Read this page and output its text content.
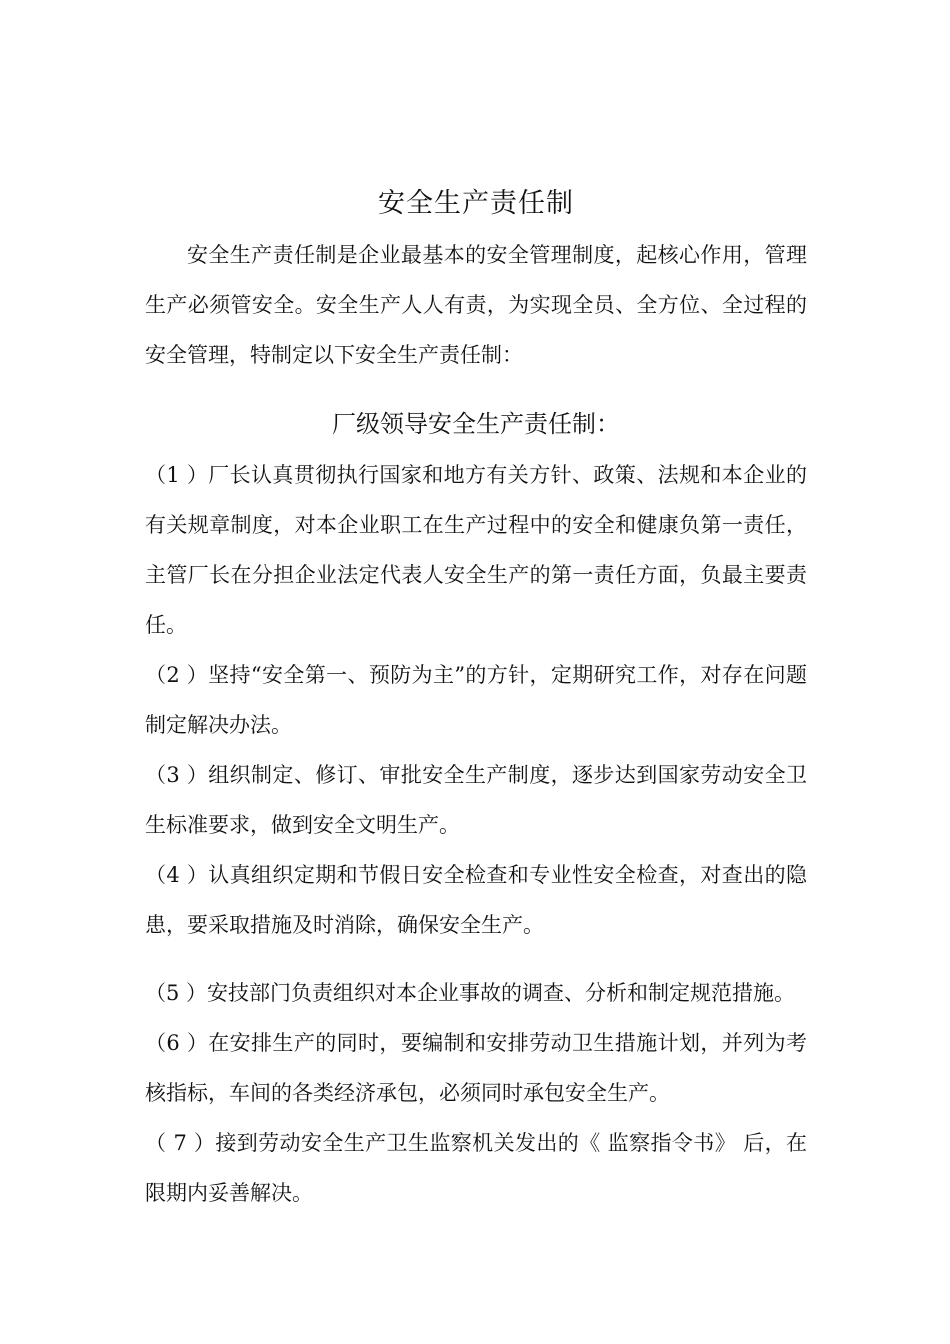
安全生产责任制

安全生产责任制是企业最基本的安全管理制度，起核心作用，管理生产必须管安全。安全生产人人有责，为实现全员、全方位、全过程的安全管理，特制定以下安全生产责任制：

厂级领导安全生产责任制：

（1 ）厂长认真贯彻执行国家和地方有关方针、政策、法规和本企业的有关规章制度，对本企业职工在生产过程中的安全和健康负第一责任，主管厂长在分担企业法定代表人安全生产的第一责任方面，负最主要责任。

（2 ）坚持“安全第一、预防为主”的方针，定期研究工作，对存在问题制定解决办法。

（3 ）组织制定、修订、审批安全生产制度，逐步达到国家劳动安全卫生标准要求，做到安全文明生产。

（4 ）认真组织定期和节假日安全检查和专业性安全检查，对查出的隐患，要采取措施及时消除，确保安全生产。

（5 ）安技部门负责组织对本企业事故的调查、分析和制定规范措施。

（6 ）在安排生产的同时，要编制和安排劳动卫生措施计划，并列为考核指标，车间的各类经济承包，必须同时承包安全生产。

（ 7 ）接到劳动安全生产卫生监察机关发出的《 监察指令书》 后，在限期内妥善解决。
